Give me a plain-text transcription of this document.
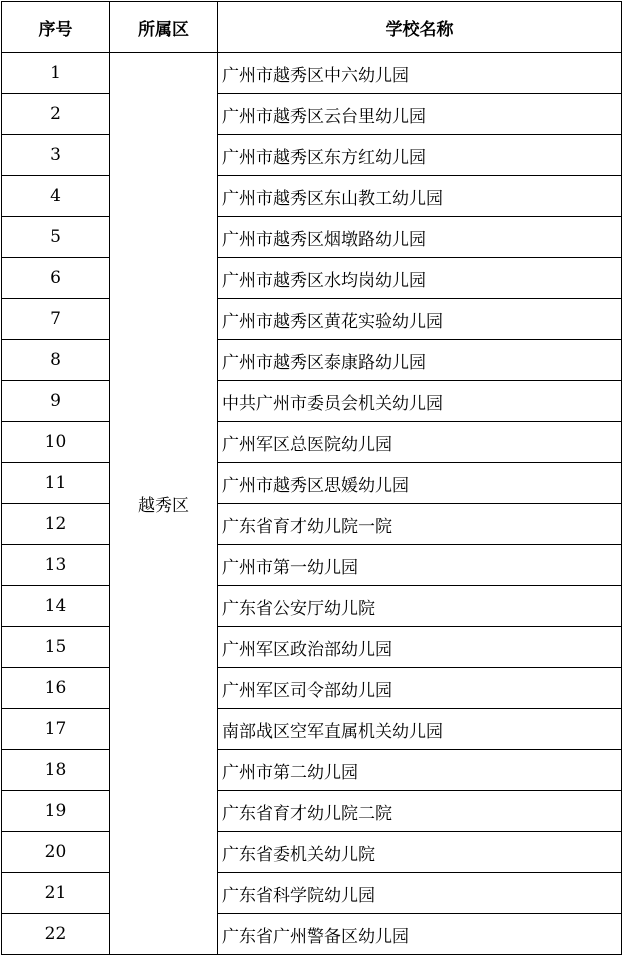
序号	所属区	学校名称
1	越秀区	广州市越秀区中六幼儿园
2		广州市越秀区云台里幼儿园
3		广州市越秀区东方红幼儿园
4		广州市越秀区东山教工幼儿园
5		广州市越秀区烟墩路幼儿园
6		广州市越秀区水均岗幼儿园
7		广州市越秀区黄花实验幼儿园
8		广州市越秀区泰康路幼儿园
9		中共广州市委员会机关幼儿园
10		广州军区总医院幼儿园
11		广州市越秀区思媛幼儿园
12		广东省育才幼儿院一院
13		广州市第一幼儿园
14		广东省公安厅幼儿院
15		广州军区政治部幼儿园
16		广州军区司令部幼儿园
17		南部战区空军直属机关幼儿园
18		广州市第二幼儿园
19		广东省育才幼儿院二院
20		广东省委机关幼儿院
21		广东省科学院幼儿园
22		广东省广州警备区幼儿园
